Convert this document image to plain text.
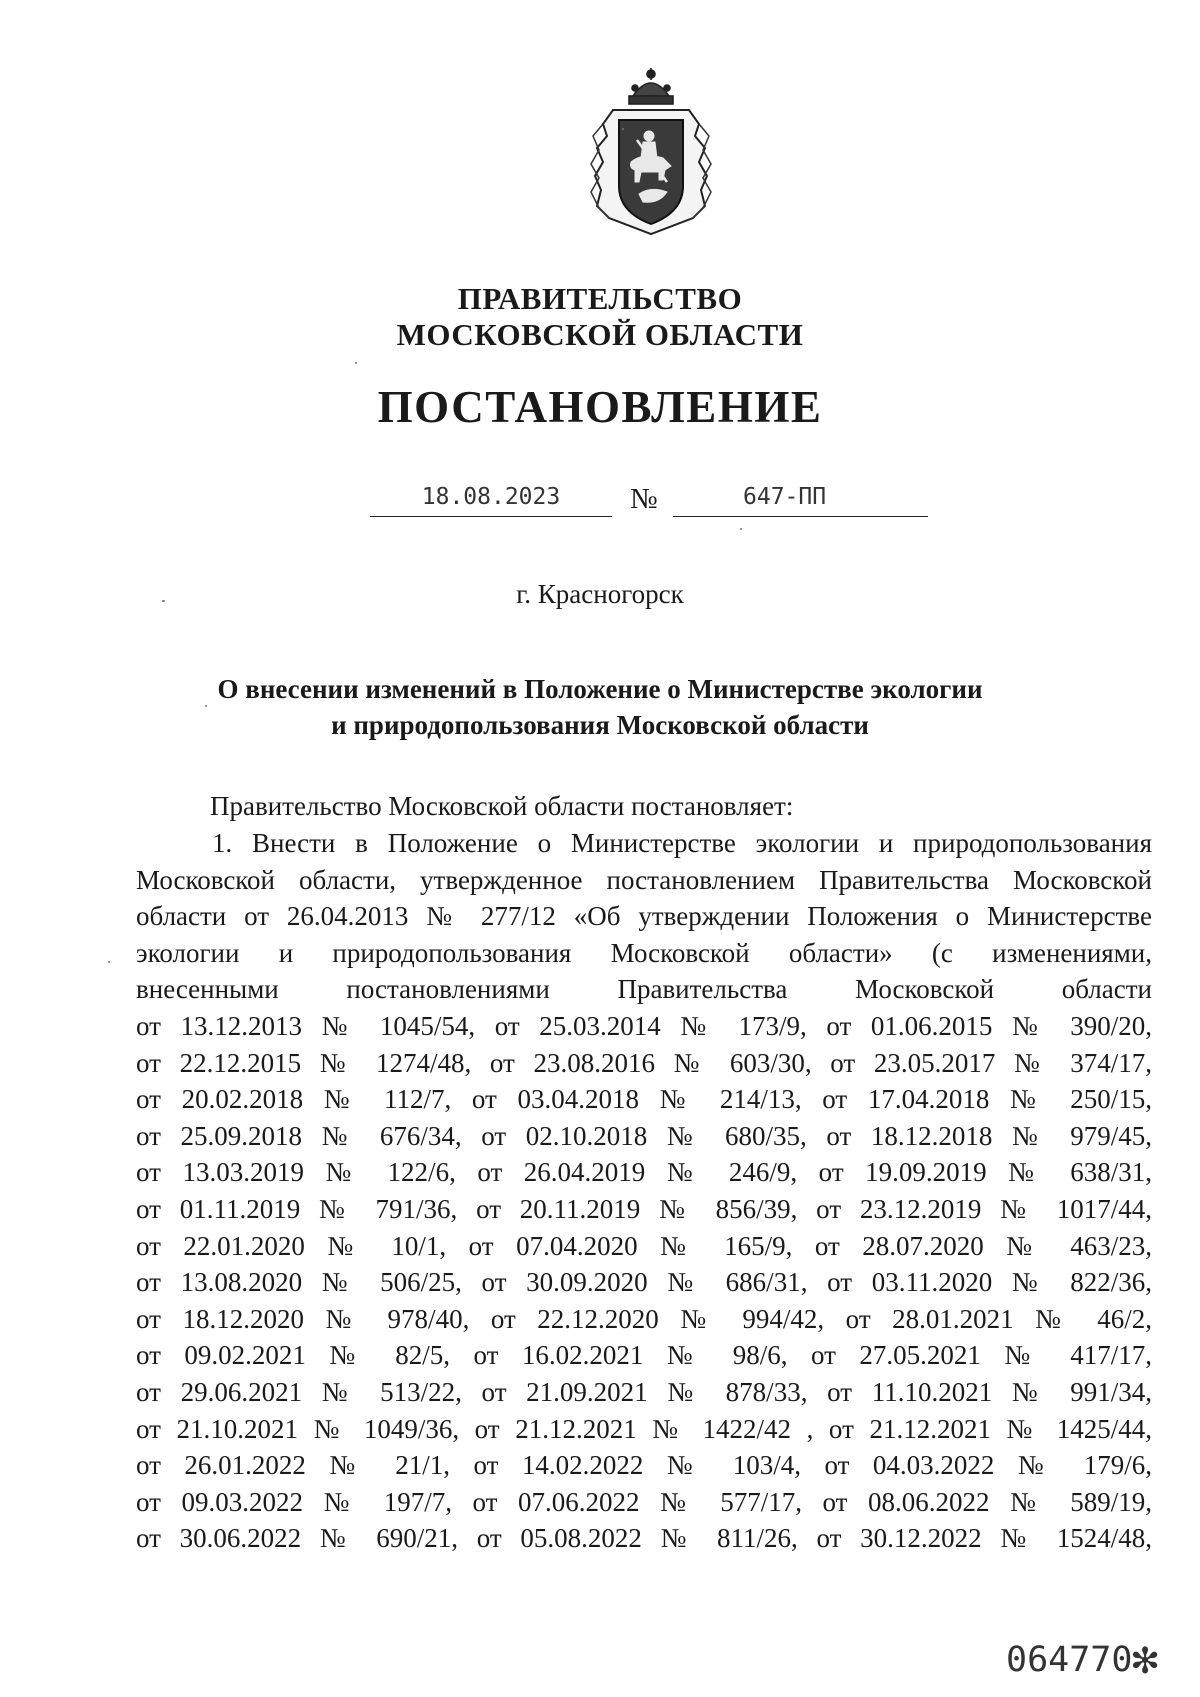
ПРАВИТЕЛЬСТВО
МОСКОВСКОЙ ОБЛАСТИ
ПОСТАНОВЛЕНИЕ
18.08.2023	№	647-ПП
г. Красногорск
О внесении изменений в Положение о Министерстве экологии
и природопользования Московской области
Правительство Московской области постановляет:
1. Внести в Положение о Министерстве экологии и природопользования
Московской области, утвержденное постановлением Правительства Московской
области от 26.04.2013 № 277/12 «Об утверждении Положения о Министерстве
экологии и природопользования Московской области» (с изменениями,
внесенными постановлениями Правительства Московской области
от 13.12.2013 № 1045/54, от 25.03.2014 № 173/9, от 01.06.2015 № 390/20,
от 22.12.2015 № 1274/48, от 23.08.2016 № 603/30, от 23.05.2017 № 374/17,
от 20.02.2018 № 112/7, от 03.04.2018 № 214/13, от 17.04.2018 № 250/15,
от 25.09.2018 № 676/34, от 02.10.2018 № 680/35, от 18.12.2018 № 979/45,
от 13.03.2019 № 122/6, от 26.04.2019 № 246/9, от 19.09.2019 № 638/31,
от 01.11.2019 № 791/36, от 20.11.2019 № 856/39, от 23.12.2019 № 1017/44,
от 22.01.2020 № 10/1, от 07.04.2020 № 165/9, от 28.07.2020 № 463/23,
от 13.08.2020 № 506/25, от 30.09.2020 № 686/31, от 03.11.2020 № 822/36,
от 18.12.2020 № 978/40, от 22.12.2020 № 994/42, от 28.01.2021 № 46/2,
от 09.02.2021 № 82/5, от 16.02.2021 № 98/6, от 27.05.2021 № 417/17,
от 29.06.2021 № 513/22, от 21.09.2021 № 878/33, от 11.10.2021 № 991/34,
от 21.10.2021 № 1049/36, от 21.12.2021 № 1422/42 , от 21.12.2021 № 1425/44,
от 26.01.2022 № 21/1, от 14.02.2022 № 103/4, от 04.03.2022 № 179/6,
от 09.03.2022 № 197/7, от 07.06.2022 № 577/17, от 08.06.2022 № 589/19,
от 30.06.2022 № 690/21, от 05.08.2022 № 811/26, от 30.12.2022 № 1524/48,
064770
✻
